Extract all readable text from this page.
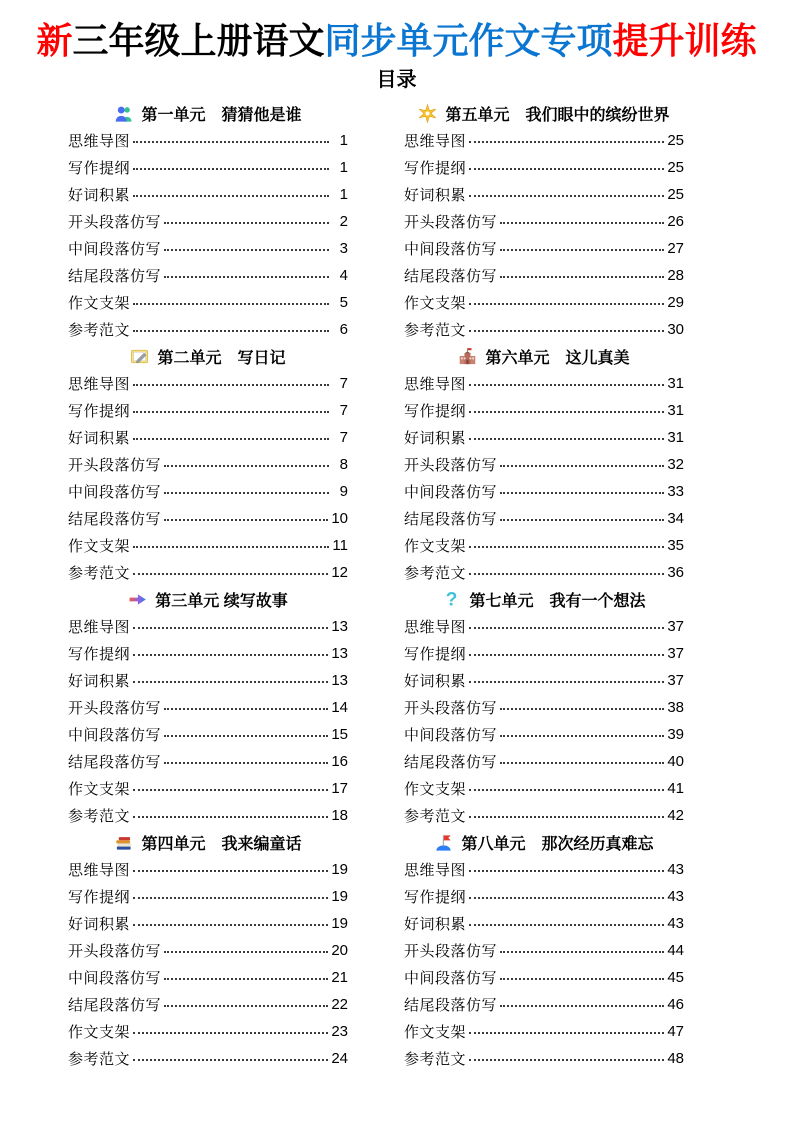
新三年级上册语文同步单元作文专项提升训练
目录
第一单元　猜猜他是谁
思维导图	1
写作提纲	1
好词积累	1
开头段落仿写	2
中间段落仿写	3
结尾段落仿写	4
作文支架	5
参考范文	6
第二单元　写日记
思维导图	7
写作提纲	7
好词积累	7
开头段落仿写	8
中间段落仿写	9
结尾段落仿写	10
作文支架	11
参考范文	12
第三单元 续写故事
思维导图	13
写作提纲	13
好词积累	13
开头段落仿写	14
中间段落仿写	15
结尾段落仿写	16
作文支架	17
参考范文	18
第四单元　我来编童话
思维导图	19
写作提纲	19
好词积累	19
开头段落仿写	20
中间段落仿写	21
结尾段落仿写	22
作文支架	23
参考范文	24
第五单元　我们眼中的缤纷世界
思维导图	25
写作提纲	25
好词积累	25
开头段落仿写	26
中间段落仿写	27
结尾段落仿写	28
作文支架	29
参考范文	30
第六单元　这儿真美
思维导图	31
写作提纲	31
好词积累	31
开头段落仿写	32
中间段落仿写	33
结尾段落仿写	34
作文支架	35
参考范文	36
第七单元　我有一个想法
思维导图	37
写作提纲	37
好词积累	37
开头段落仿写	38
中间段落仿写	39
结尾段落仿写	40
作文支架	41
参考范文	42
第八单元　那次经历真难忘
思维导图	43
写作提纲	43
好词积累	43
开头段落仿写	44
中间段落仿写	45
结尾段落仿写	46
作文支架	47
参考范文	48
